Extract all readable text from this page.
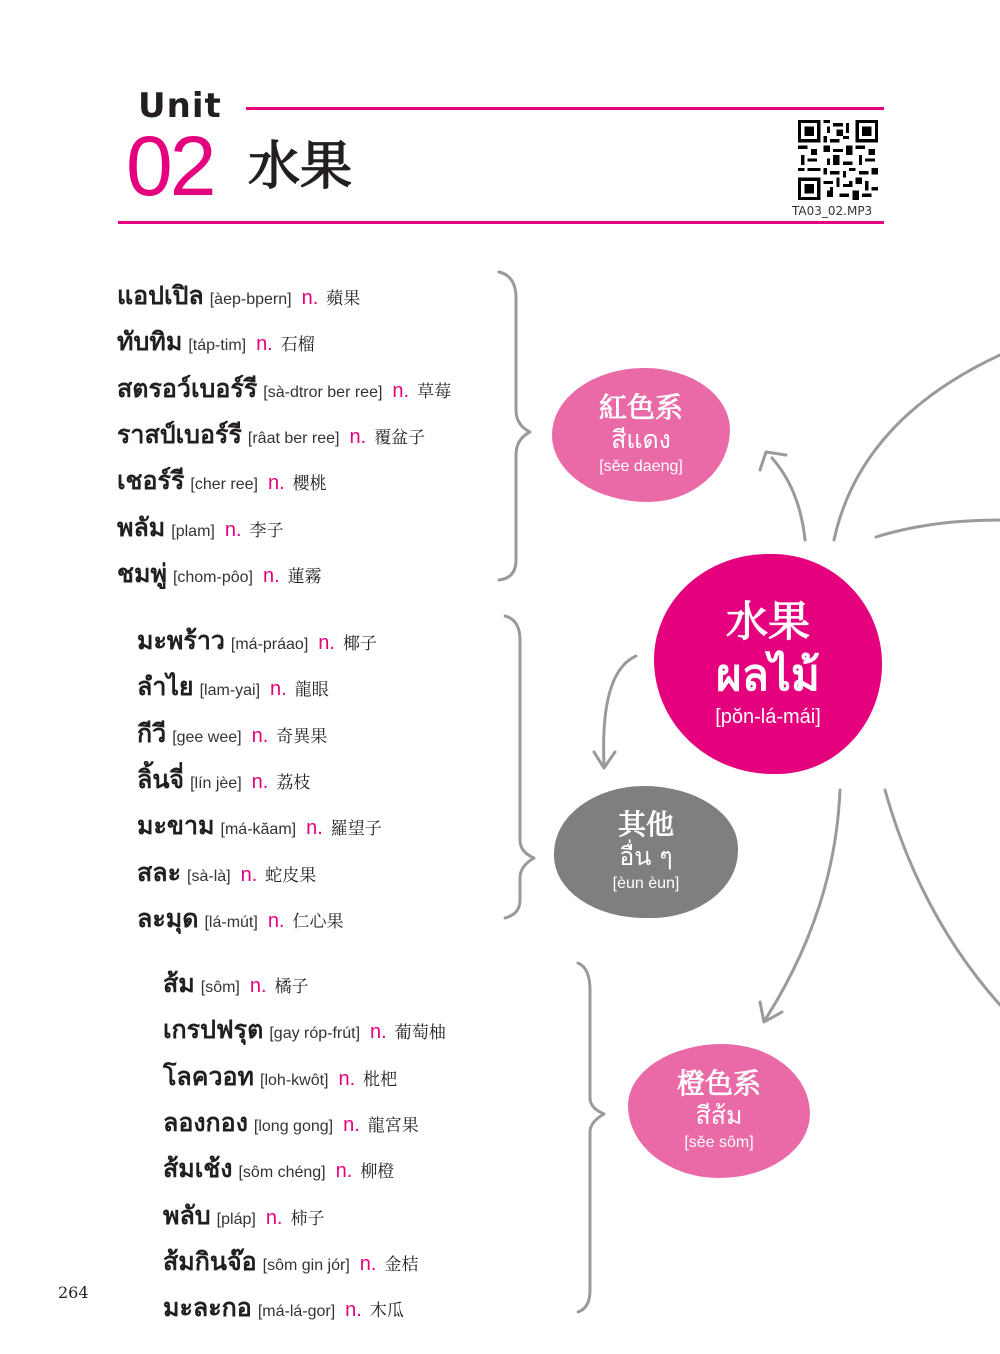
Unit
02 水果
TA03_02.MP3
紅色系
สีแดง
[sěe daeng]
水果
ผลไม้
[pŏn-lá-mái]
其他
อื่น ๆ
[èun èun]
橙色系
สีส้ม
[sěe sôm]
แอปเปิล [àep-bpern] n. 蘋果
ทับทิม [táp-tim] n. 石榴
สตรอว์เบอร์รี [sà-dtror ber ree] n. 草莓
ราสป์เบอร์รี [râat ber ree] n. 覆盆子
เชอร์รี [cher ree] n. 櫻桃
พลัม [plam] n. 李子
ชมพู่ [chom-pôo] n. 蓮霧
มะพร้าว [má-práao] n. 椰子
ลำไย [lam-yai] n. 龍眼
กีวี [gee wee] n. 奇異果
ลิ้นจี่ [lín jèe] n. 荔枝
มะขาม [má-kăam] n. 羅望子
สละ [sà-là] n. 蛇皮果
ละมุด [lá-mút] n. 仁心果
ส้ม [sôm] n. 橘子
เกรปฟรุต [gay róp-frút] n. 葡萄柚
โลควอท [loh-kwôt] n. 枇杷
ลองกอง [long gong] n. 龍宮果
ส้มเช้ง [sôm chéng] n. 柳橙
พลับ [pláp] n. 柿子
ส้มกินจ๊อ [sôm gin jór] n. 金桔
มะละกอ [má-lá-gor] n. 木瓜
264
